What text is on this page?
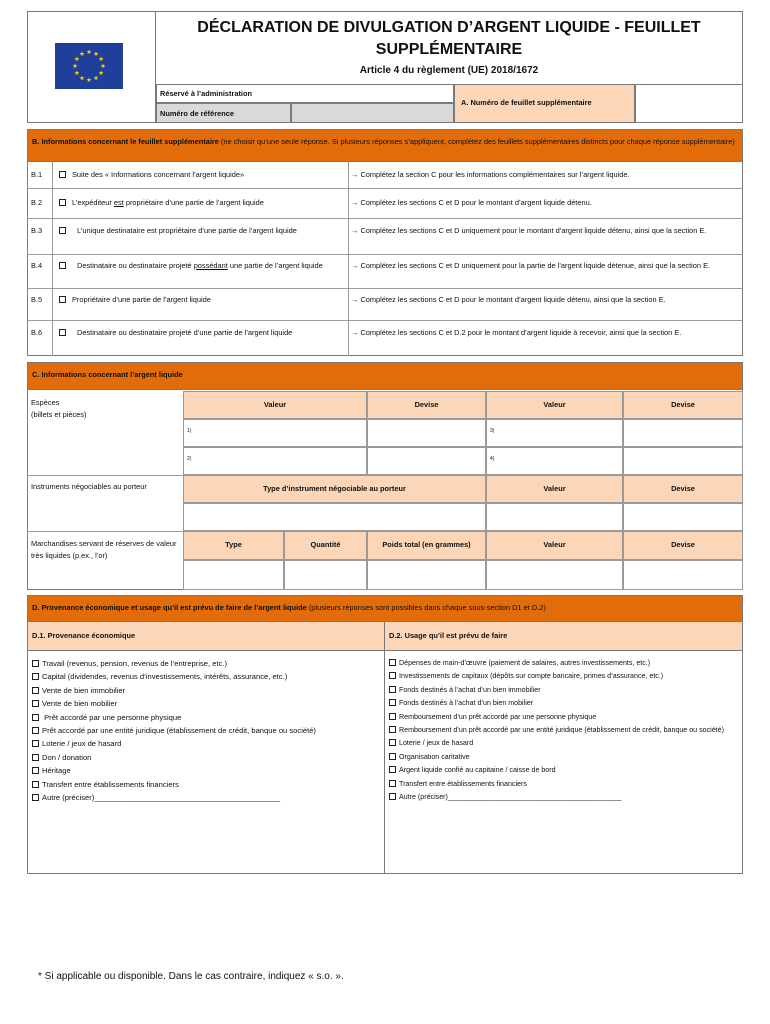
DÉCLARATION DE DIVULGATION D’ARGENT LIQUIDE - FEUILLET
SUPPLÉMENTAIRE
Article 4 du règlement (UE) 2018/1672
Réservé à l’administration
Numéro de référence
A. Numéro de feuillet supplémentaire
B. Informations concernant le feuillet supplémentaire (ne choisir qu’une seule réponse. Si plusieurs réponses s’appliquent, complétez des feuillets supplémentaires distincts pour chaque réponse supplémentaire)
B.1	Suite des « Informations concernant l’argent liquide»	→ Complétez la section C pour les informations complémentaires sur l’argent liquide.
B.2	L’expéditeur est propriétaire d’une partie de l’argent liquide	→ Complétez les sections C et D pour le montant d’argent liquide détenu.
B.3	L’unique destinataire est propriétaire d’une partie de l’argent liquide	→ Complétez les sections C et D uniquement pour le montant d’argent liquide détenu, ainsi que la section E.
B.4	Destinataire ou destinataire projeté possédant une partie de l’argent liquide	→ Complétez les sections C et D uniquement pour la partie de l’argent liquide détenue, ainsi que la section E.
B.5	Propriétaire d’une partie de l’argent liquide	→ Complétez les sections C et D pour le montant d’argent liquide détenu, ainsi que la section E.
B.6	Destinataire ou destinataire projeté d’une partie de l’argent liquide	→ Complétez les sections C et D.2 pour le montant d’argent liquide à recevoir, ainsi que la section E.
C. Informations concernant l’argent liquide
Espèces
(billets et pièces)
Valeur	Devise	Valeur	Devise
1)	3)
2)	4)
Instruments négociables au porteur	Type d’instrument négociable au porteur	Valeur	Devise
Marchandises servant de réserves de valeur très liquides (p.ex., l’or)
Type	Quantité	Poids total (en grammes)	Valeur	Devise
D. Provenance économique et usage qu’il est prévu de faire de l’argent liquide (plusieurs réponses sont possibles dans chaque sous-section D1 et D.2)
D.1. Provenance économique	D.2. Usage qu’il est prévu de faire
Travail (revenus, pension, revenus de l’entreprise, etc.)
Capital (dividendes, revenus d’investissements, intérêts, assurance, etc.)
Vente de bien immobilier
Vente de bien mobilier
Prêt accordé par une personne physique
Prêt accordé par une entité juridique (établissement de crédit, banque ou société)
Loterie / jeux de hasard
Don / donation
Héritage
Transfert entre établissements financiers
Autre (préciser)____________________________________________
Dépenses de main-d’œuvre (paiement de salaires, autres investissements, etc.)
Investissements de capitaux (dépôts sur compte bancaire, primes d’assurance, etc.)
Fonds destinés à l’achat d’un bien immobilier
Fonds destinés à l’achat d’un bien mobilier
Remboursement d’un prêt accordé par une personne physique
Remboursement d’un prêt accordé par une entité juridique (établissement de crédit, banque ou société)
Loterie / jeux de hasard
Organisation caritative
Argent liquide confié au capitaine / caisse de bord
Transfert entre établissements financiers
Autre (préciser)____________________________________________
* Si applicable ou disponible. Dans le cas contraire, indiquez « s.o. ».
